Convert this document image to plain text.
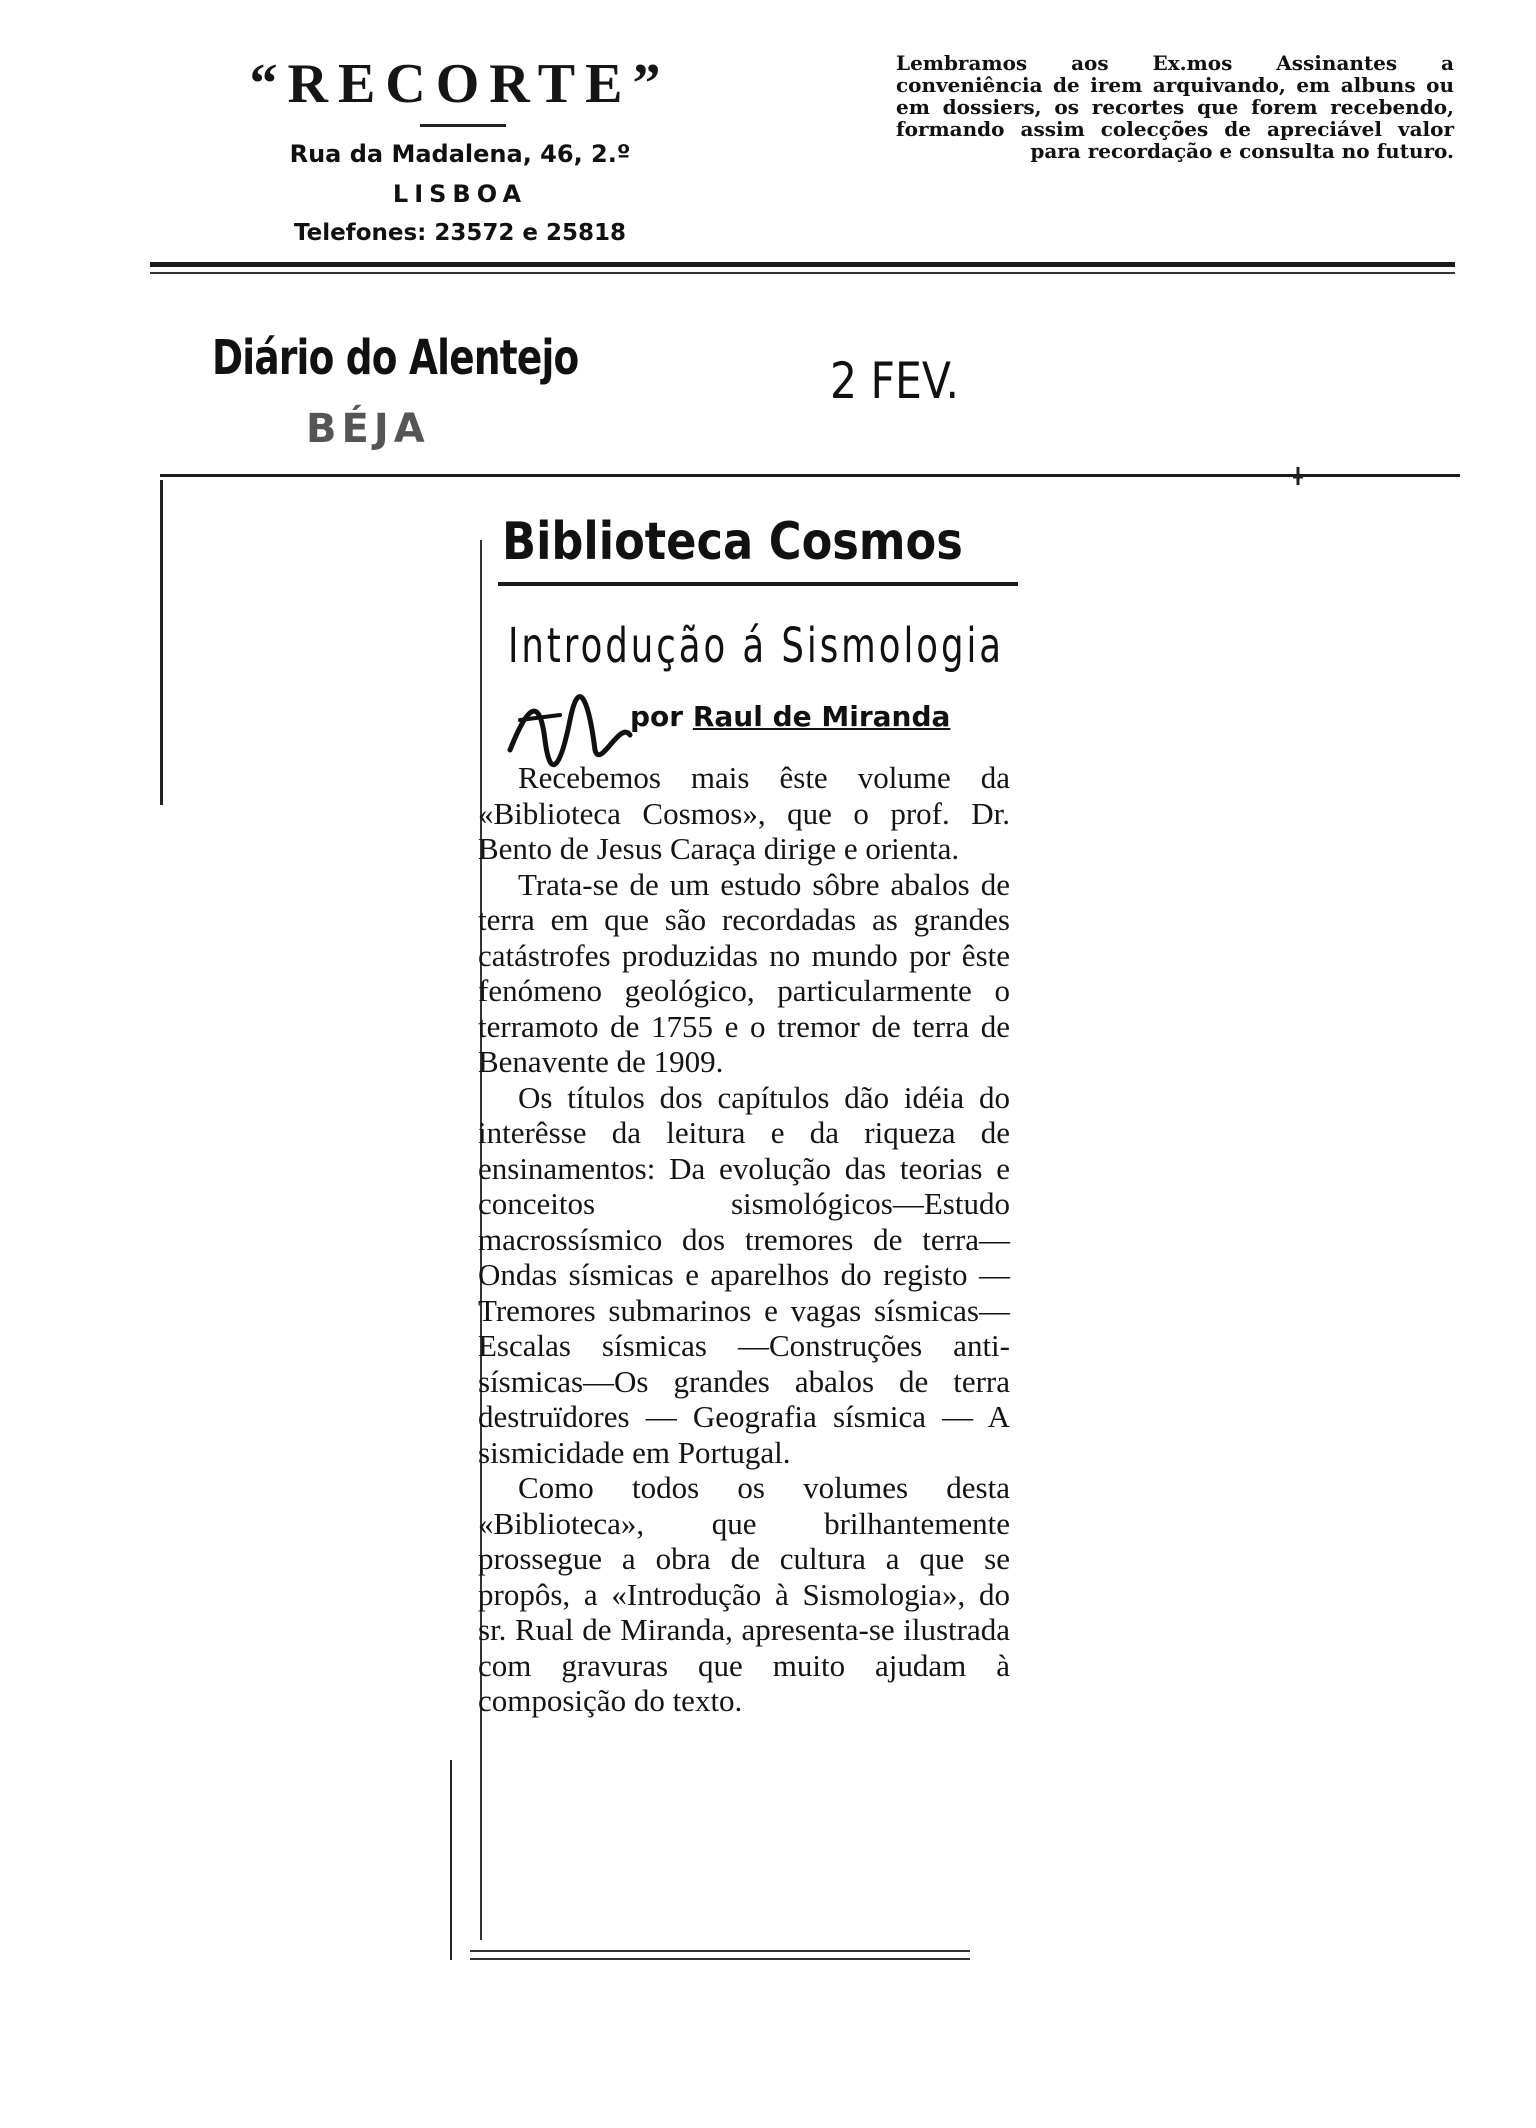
“RECORTE”
Rua da Madalena, 46, 2.º
LISBOA
Telefones: 23572 e 25818
Lembramos aos Ex.mos Assinantes a conveniência de irem arquivando, em albuns ou em dossiers, os recortes que forem recebendo, formando assim colecções de apreciável valor para recordação e consulta no futuro.
Diário do Alentejo
BÉJA
2 FEV.
Biblioteca Cosmos
Introdução á Sismologia
por Raul de Miranda

Recebemos mais êste volume da «Biblioteca Cosmos», que o prof. Dr. Bento de Jesus Caraça dirige e orienta.

Trata-se de um estudo sôbre abalos de terra em que são recordadas as grandes catástrofes produzidas no mundo por êste fenómeno geológico, particularmente o terramoto de 1755 e o tremor de terra de Benavente de 1909.

Os títulos dos capítulos dão idéia do interêsse da leitura e da riqueza de ensinamentos: Da evolução das teorias e conceitos sismológicos—Estudo macrossísmico dos tremores de terra—Ondas sísmicas e aparelhos do registo — Tremores submarinos e vagas sísmicas—Escalas sísmicas —Construções anti-sísmicas—Os grandes abalos de terra destruïdores — Geografia sísmica — A sismicidade em Portugal.

Como todos os volumes desta «Biblioteca», que brilhantemente prossegue a obra de cultura a que se propôs, a «Introdução à Sismologia», do sr. Rual de Miranda, apresenta-se ilustrada com gravuras que muito ajudam à composição do texto.
